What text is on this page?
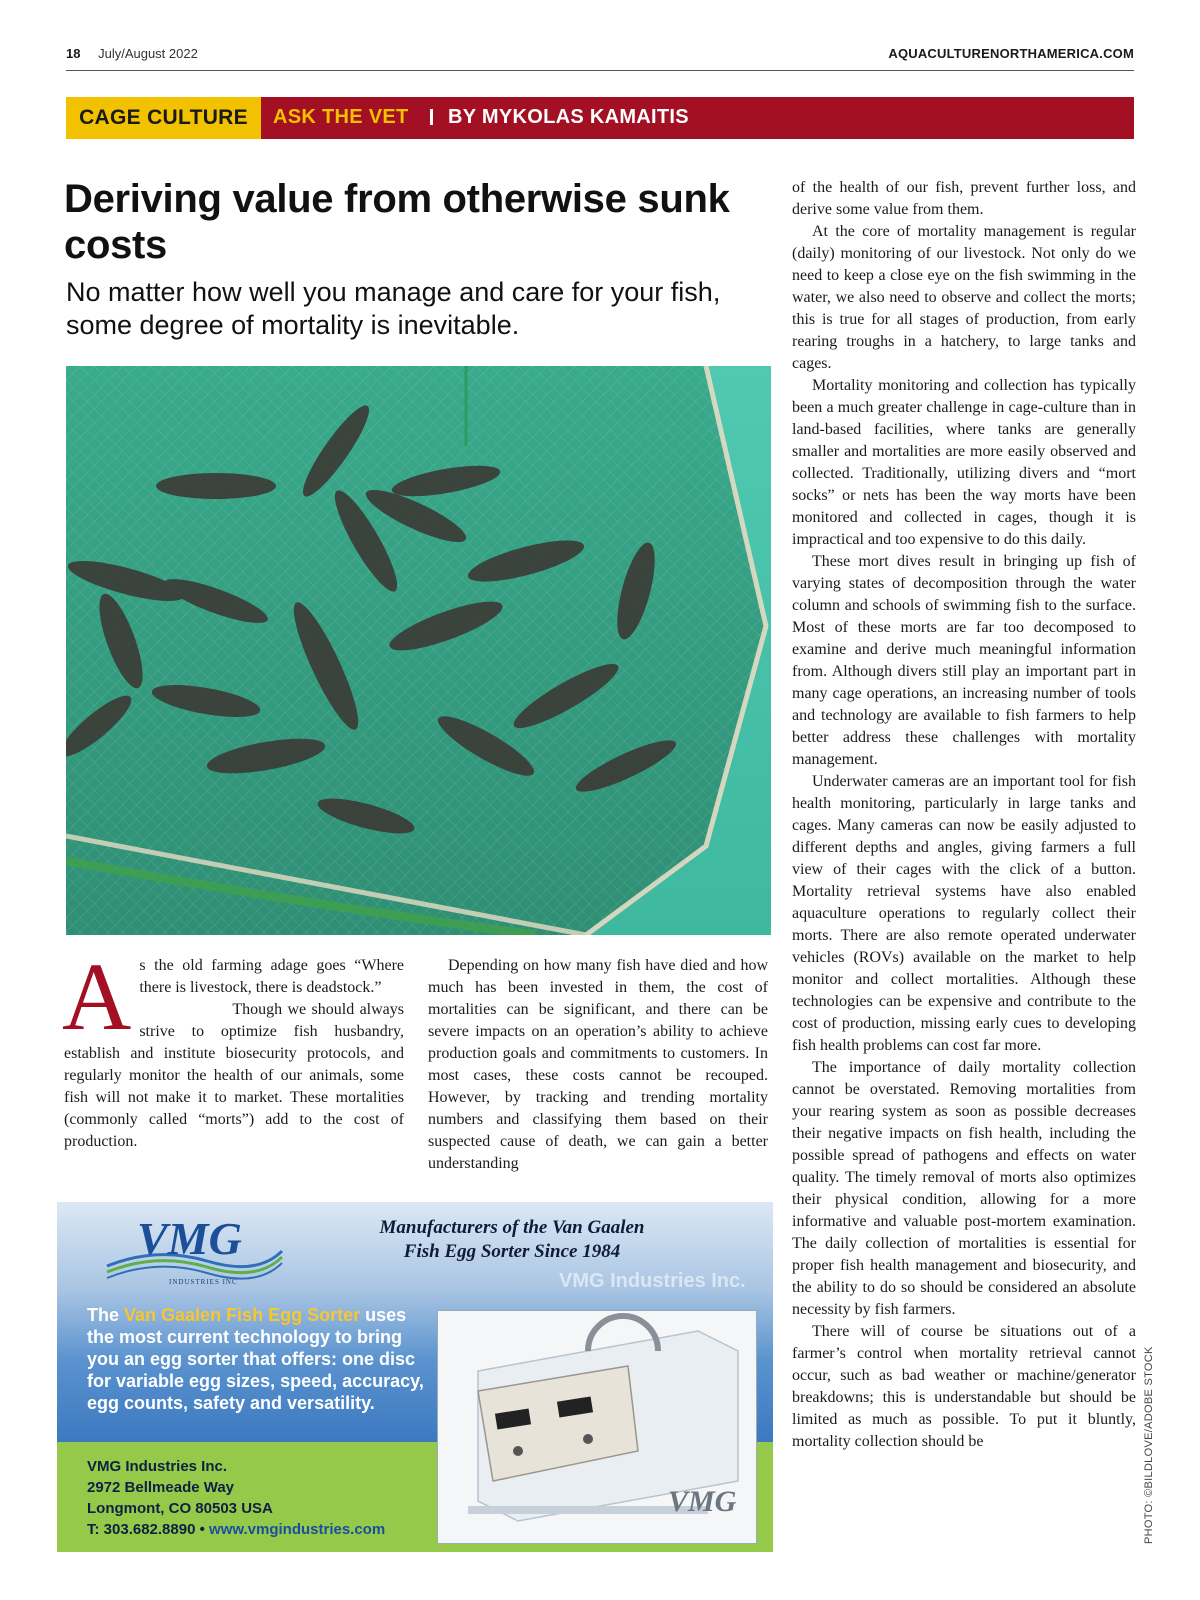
18 July/August 2022	AQUACULTURENORTHAMERICA.COM
CAGE CULTURE	ASK THE VET BY MYKOLAS KAMAITIS
Deriving value from otherwise sunk costs

No matter how well you manage and care for your fish, some degree of mortality is inevitable.

A s the old farming adage goes “Where there is livestock, there is deadstock.”

Though we should always strive to optimize fish husbandry, establish and institute biosecurity protocols, and regularly monitor the health of our animals, some fish will not make it to market. These mortalities (commonly called “morts”) add to the cost of production.

Depending on how many fish have died and how much has been invested in them, the cost of mortalities can be significant, and there can be severe impacts on an operation’s ability to achieve production goals and commitments to customers. In most cases, these costs cannot be recouped. However, by tracking and trending mortality numbers and classifying them based on their suspected cause of death, we can gain a better understanding

of the health of our fish, prevent further loss, and derive some value from them.

At the core of mortality management is regular (daily) monitoring of our livestock. Not only do we need to keep a close eye on the fish swimming in the water, we also need to observe and collect the morts; this is true for all stages of production, from early rearing troughs in a hatchery, to large tanks and cages.

Mortality monitoring and collection has typically been a much greater challenge in cage-culture than in land-based facilities, where tanks are generally smaller and mortalities are more easily observed and collected. Traditionally, utilizing divers and “mort socks” or nets has been the way morts have been monitored and collected in cages, though it is impractical and too expensive to do this daily.

These mort dives result in bringing up fish of varying states of decomposition through the water column and schools of swimming fish to the surface. Most of these morts are far too decomposed to examine and derive much meaningful information from. Although divers still play an important part in many cage operations, an increasing number of tools and technology are available to fish farmers to help better address these challenges with mortality management.

Underwater cameras are an important tool for fish health monitoring, particularly in large tanks and cages. Many cameras can now be easily adjusted to different depths and angles, giving farmers a full view of their cages with the click of a button. Mortality retrieval systems have also enabled aquaculture operations to regularly collect their morts. There are also remote operated underwater vehicles (ROVs) available on the market to help monitor and collect mortalities. Although these technologies can be expensive and contribute to the cost of production, missing early cues to developing fish health problems can cost far more.

The importance of daily mortality collection cannot be overstated. Removing mortalities from your rearing system as soon as possible decreases their negative impacts on fish health, including the possible spread of pathogens and effects on water quality. The timely removal of morts also optimizes their physical condition, allowing for a more informative and valuable post-mortem examination. The daily collection of mortalities is essential for proper fish health management and biosecurity, and the ability to do so should be considered an absolute necessity by fish farmers.

There will of course be situations out of a farmer’s control when mortality retrieval cannot occur, such as bad weather or machine/generator breakdowns; this is understandable but should be limited as much as possible. To put it bluntly, mortality collection should be	PHOTO: ©BILDLOVE/ADOBE STOCK
VMG
INDUSTRIES INC
Manufacturers of the Van Gaalen
Fish Egg Sorter Since 1984
VMG Industries Inc.
The Van Gaalen Fish Egg Sorter uses the most current technology to bring you an egg sorter that offers: one disc for variable egg sizes, speed, accuracy, egg counts, safety and versatility.
VMG Industries Inc.
2972 Bellmeade Way
Longmont, CO 80503 USA
T: 303.682.8890 • www.vmgindustries.com
VMG
